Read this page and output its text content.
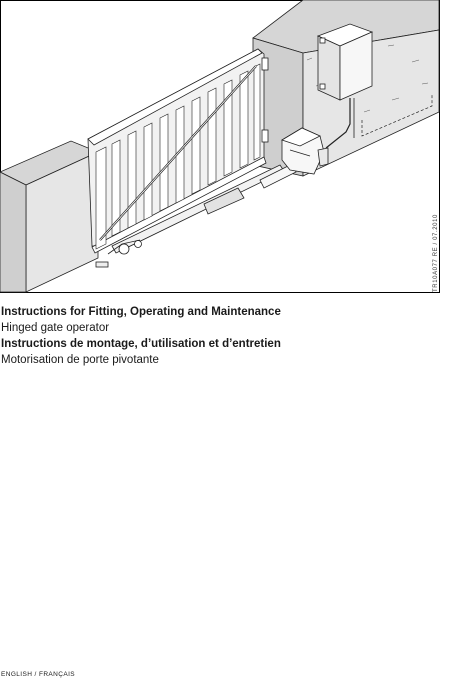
TR10A077 RE / 07.2010
Instructions for Fitting, Operating and Maintenance
Hinged gate operator
Instructions de montage, d’utilisation et d’entretien
Motorisation de porte pivotante
ENGLISH / FRANÇAIS
